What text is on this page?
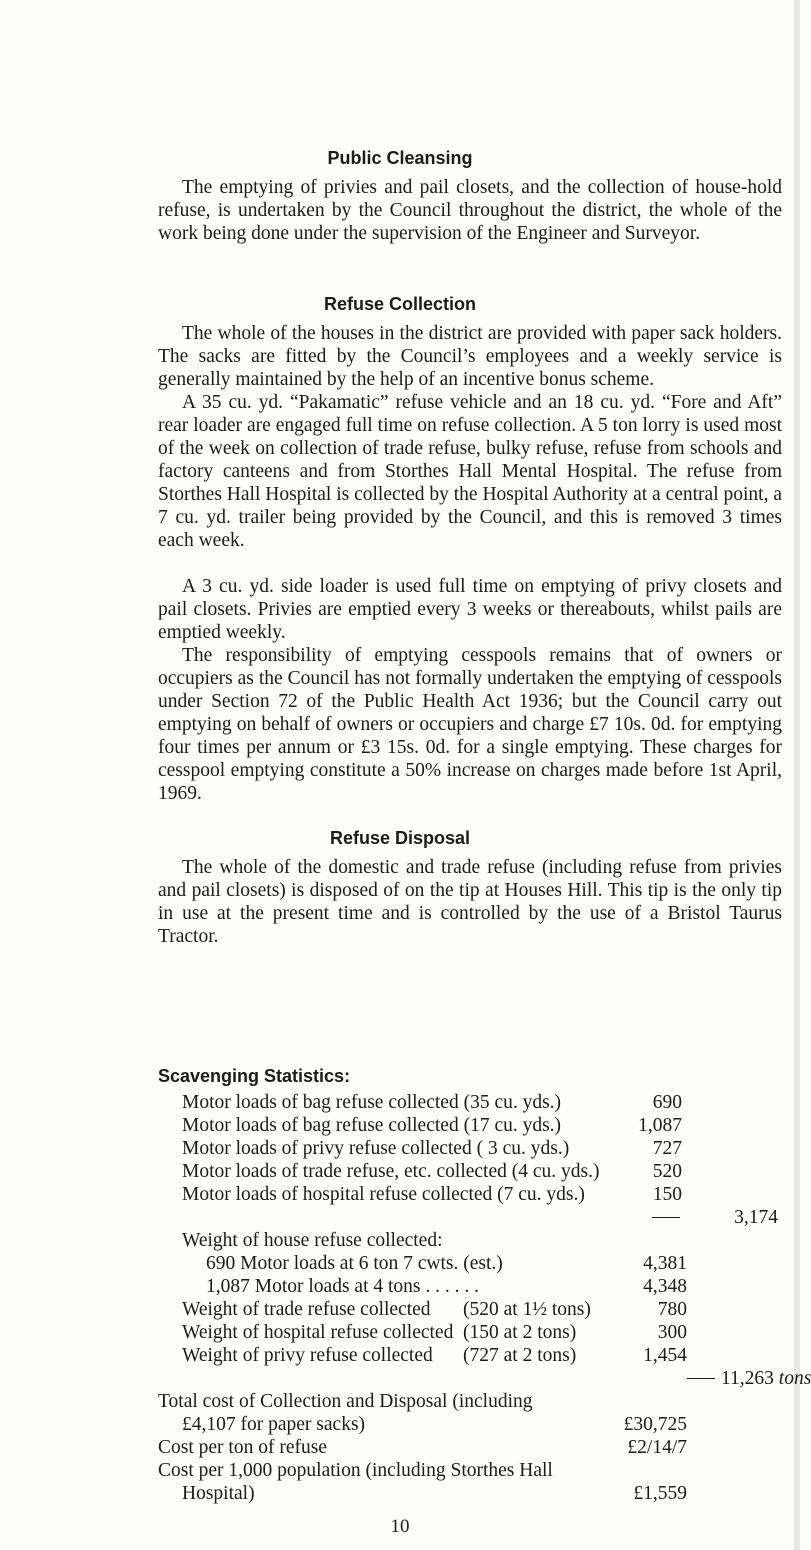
Public Cleansing

The emptying of privies and pail closets, and the collection of house-hold refuse, is undertaken by the Council throughout the district, the whole of the work being done under the supervision of the Engineer and Surveyor.

Refuse Collection

The whole of the houses in the district are provided with paper sack holders. The sacks are fitted by the Council’s employees and a weekly service is generally maintained by the help of an incentive bonus scheme.

A 35 cu. yd. “Pakamatic” refuse vehicle and an 18 cu. yd. “Fore and Aft” rear loader are engaged full time on refuse collection. A 5 ton lorry is used most of the week on collection of trade refuse, bulky refuse, refuse from schools and factory canteens and from Storthes Hall Mental Hospital. The refuse from Storthes Hall Hospital is collected by the Hospital Authority at a central point, a 7 cu. yd. trailer being provided by the Council, and this is removed 3 times each week.

A 3 cu. yd. side loader is used full time on emptying of privy closets and pail closets. Privies are emptied every 3 weeks or thereabouts, whilst pails are emptied weekly.

The responsibility of emptying cesspools remains that of owners or occupiers as the Council has not formally undertaken the emptying of cesspools under Section 72 of the Public Health Act 1936; but the Council carry out emptying on behalf of owners or occupiers and charge £7 10s. 0d. for emptying four times per annum or £3 15s. 0d. for a single emptying. These charges for cesspool emptying constitute a 50% increase on charges made before 1st April, 1969.

Refuse Disposal

The whole of the domestic and trade refuse (including refuse from privies and pail closets) is disposed of on the tip at Houses Hill. This tip is the only tip in use at the present time and is controlled by the use of a Bristol Taurus Tractor.

Scavenging Statistics:
Motor loads of bag refuse collected (35 cu. yds.)	690
Motor loads of bag refuse collected (17 cu. yds.)	1,087
Motor loads of privy refuse collected ( 3 cu. yds.)	727
Motor loads of trade refuse, etc. collected (4 cu. yds.)	520
Motor loads of hospital refuse collected (7 cu. yds.)	150
3,174
Weight of house refuse collected:
690 Motor loads at 6 ton 7 cwts. (est.)	4,381
1,087 Motor loads at 4 tons . . . . . .	4,348
Weight of trade refuse collected (520 at 1½ tons)	780
Weight of hospital refuse collected (150 at 2 tons)	300
Weight of privy refuse collected (727 at 2 tons)	1,454
11,263 tons
Total cost of Collection and Disposal (including
£4,107 for paper sacks)	£30,725
Cost per ton of refuse	£2/14/7
Cost per 1,000 population (including Storthes Hall
Hospital)	£1,559
10
